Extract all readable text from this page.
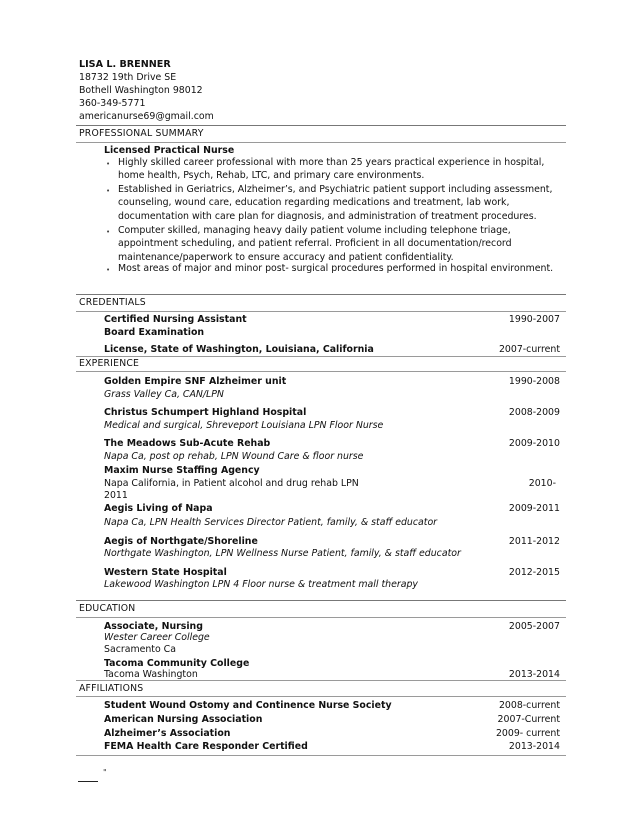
LISA L. BRENNER
18732 19th Drive SE
Bothell Washington 98012
360-349-5771
americanurse69@gmail.com
PROFESSIONAL SUMMARY
Licensed Practical Nurse
• Highly skilled career professional with more than 25 years practical experience in hospital, home health, Psych, Rehab, LTC, and primary care environments.
• Established in Geriatrics, Alzheimer’s, and Psychiatric patient support including assessment, counseling, wound care, education regarding medications and treatment, lab work, documentation with care plan for diagnosis, and administration of treatment procedures.
• Computer skilled, managing heavy daily patient volume including telephone triage, appointment scheduling, and patient referral. Proficient in all documentation/record maintenance/paperwork to ensure accuracy and patient confidentiality.
• Most areas of major and minor post- surgical procedures performed in hospital environment.
CREDENTIALS
Certified Nursing Assistant	1990-2007
Board Examination
License, State of Washington, Louisiana, California	2007-current
EXPERIENCE
Golden Empire SNF Alzheimer unit	1990-2008
Grass Valley Ca, CAN/LPN
Christus Schumpert Highland Hospital	2008-2009
Medical and surgical, Shreveport Louisiana LPN Floor Nurse
The Meadows Sub-Acute Rehab	2009-2010
Napa Ca, post op rehab, LPN Wound Care & floor nurse
Maxim Nurse Staffing Agency
Napa California, in Patient alcohol and drug rehab LPN	2010-
2011
Aegis Living of Napa	2009-2011
Napa Ca, LPN Health Services Director Patient, family, & staff educator
Aegis of Northgate/Shoreline	2011-2012
Northgate Washington, LPN Wellness Nurse Patient, family, & staff educator
Western State Hospital	2012-2015
Lakewood Washington LPN 4 Floor nurse & treatment mall therapy
EDUCATION
Associate, Nursing	2005-2007
Wester Career College
Sacramento Ca
Tacoma Community College
Tacoma Washington	2013-2014
AFFILIATIONS
Student Wound Ostomy and Continence Nurse Society	2008-current
American Nursing Association	2007-Current
Alzheimer’s Association	2009- current
FEMA Health Care Responder Certified	2013-2014
"
